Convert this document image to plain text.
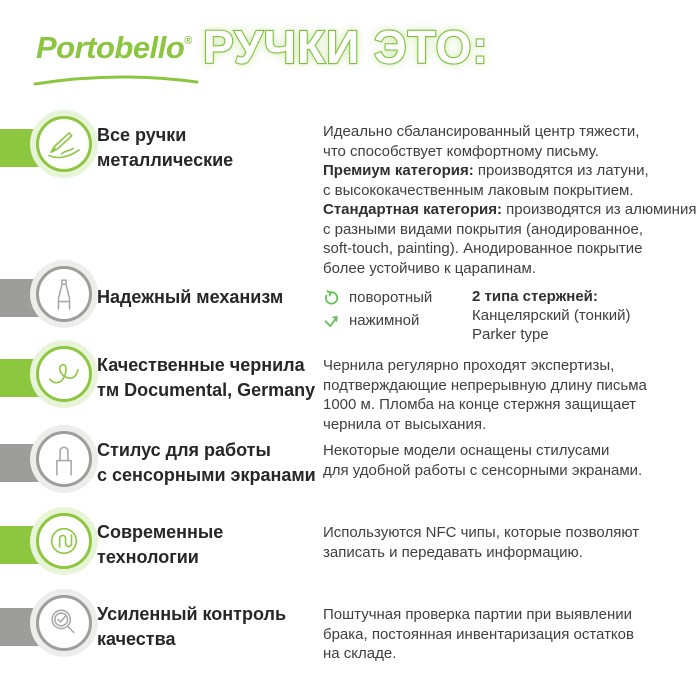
Portobello® РУЧКИ ЭТО:
Все ручки
металлические
Идеально сбалансированный центр тяжести,
что способствует комфортному письму.
Премиум категория: производятся из латуни,
с высококачественным лаковым покрытием.
Стандартная категория: производятся из алюминия
с разными видами покрытия (анодированное,
soft-touch, painting). Анодированное покрытие
более устойчиво к царапинам.
Надежный механизм	поворотный
нажимной
2 типа стержней:
Канцелярский (тонкий)
Parker type
Качественные чернила
тм Documental, Germany
Чернила регулярно проходят экспертизы,
подтверждающие непрерывную длину письма
1000 м. Пломба на конце стержня защищает
чернила от высыхания.
Стилус для работы
с сенсорными экранами
Некоторые модели оснащены стилусами
для удобной работы с сенсорными экранами.
Современные
технологии
Используются NFC чипы, которые позволяют
записать и передавать информацию.
Усиленный контроль
качества
Поштучная проверка партии при выявлении
брака, постоянная инвентаризация остатков
на складе.
